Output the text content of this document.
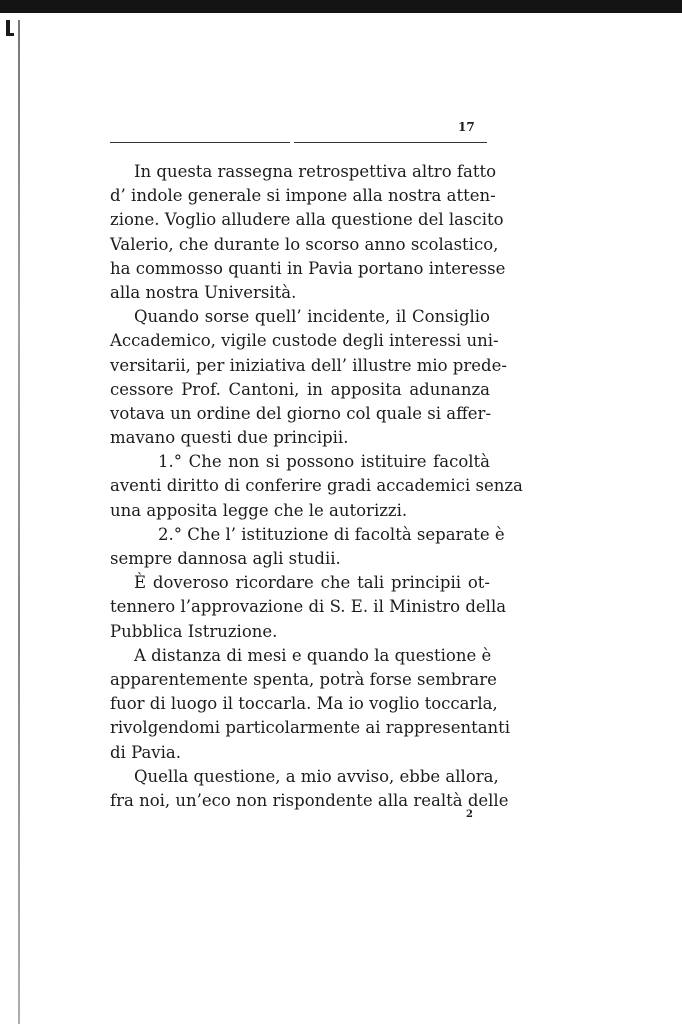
17
In questa rassegna retrospettiva altro fatto
d’ indole generale si impone alla nostra atten-
zione. Voglio alludere alla questione del lascito
Valerio, che durante lo scorso anno scolastico,
ha commosso quanti in Pavia portano interesse
alla nostra Università.
Quando sorse quell’ incidente, il Consiglio
Accademico, vigile custode degli interessi uni-
versitarii, per iniziativa dell’ illustre mio prede-
cessore Prof. Cantoni, in apposita adunanza
votava un ordine del giorno col quale si affer-
mavano questi due principii.
1.° Che non si possono istituire facoltà
aventi diritto di conferire gradi accademici senza
una apposita legge che le autorizzi.
2.° Che l’ istituzione di facoltà separate è
sempre dannosa agli studii.
È doveroso ricordare che tali principii ot-
tennero l’approvazione di S. E. il Ministro della
Pubblica Istruzione.
A distanza di mesi e quando la questione è
apparentemente spenta, potrà forse sembrare
fuor di luogo il toccarla. Ma io voglio toccarla,
rivolgendomi particolarmente ai rappresentanti
di Pavia.
Quella questione, a mio avviso, ebbe allora,
fra noi, un’eco non rispondente alla realtà delle
2
